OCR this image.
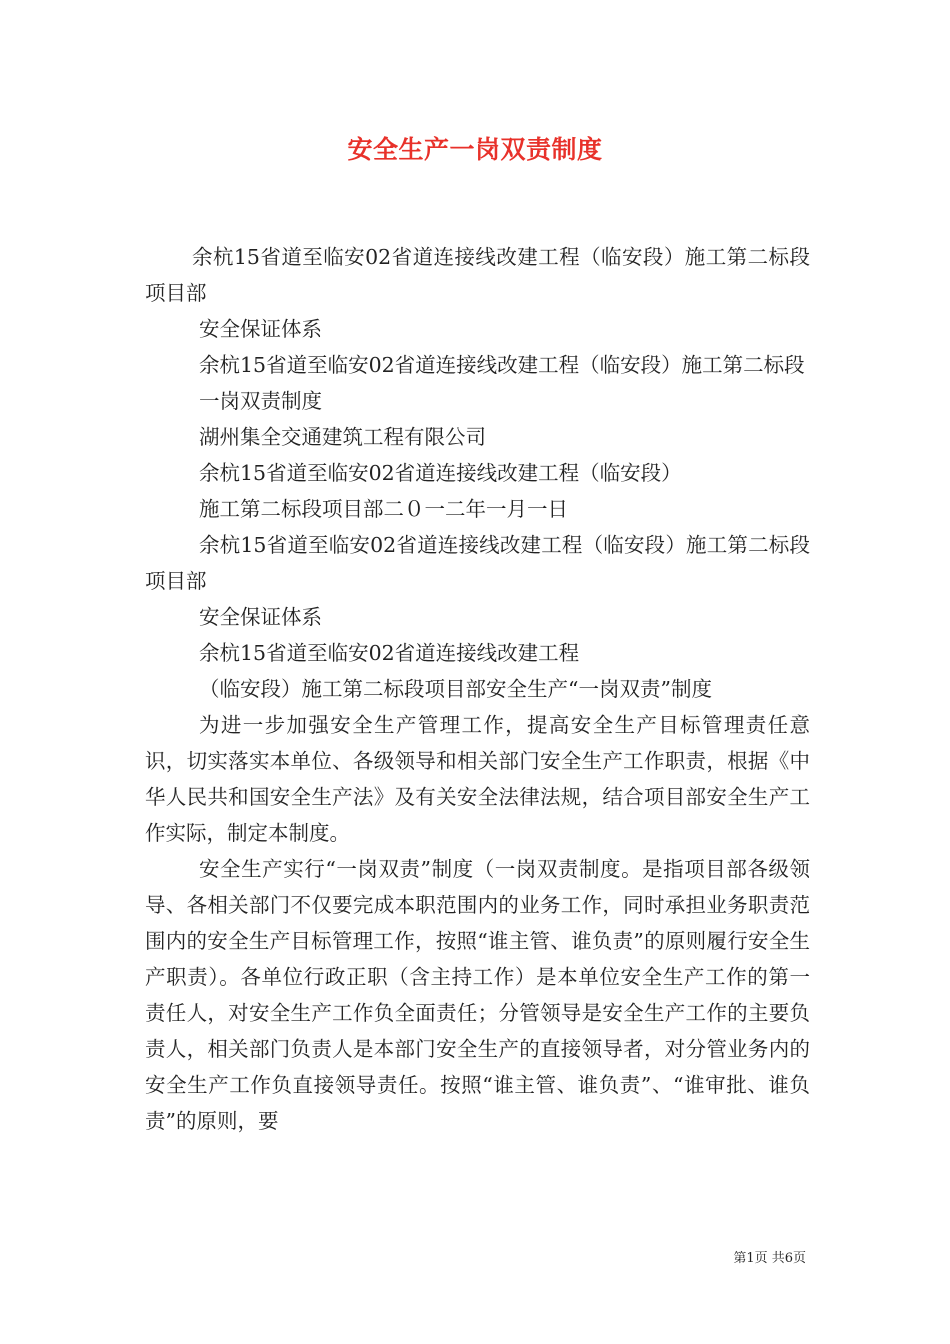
安全生产一岗双责制度

余杭15省道至临安02省道连接线改建工程（临安段）施工第二标段项目部

安全保证体系

余杭15省道至临安02省道连接线改建工程（临安段）施工第二标段

一岗双责制度

湖州集全交通建筑工程有限公司

余杭15省道至临安02省道连接线改建工程（临安段）

施工第二标段项目部二０一二年一月一日

余杭15省道至临安02省道连接线改建工程（临安段）施工第二标段项目部

安全保证体系

余杭15省道至临安02省道连接线改建工程

（临安段）施工第二标段项目部安全生产“一岗双责”制度

为进一步加强安全生产管理工作，提高安全生产目标管理责任意识，切实落实本单位、各级领导和相关部门安全生产工作职责，根据《中华人民共和国安全生产法》及有关安全法律法规，结合项目部安全生产工作实际，制定本制度。

安全生产实行“一岗双责”制度（一岗双责制度。是指项目部各级领导、各相关部门不仅要完成本职范围内的业务工作，同时承担业务职责范围内的安全生产目标管理工作，按照“谁主管、谁负责”的原则履行安全生产职责）。各单位行政正职（含主持工作）是本单位安全生产工作的第一责任人，对安全生产工作负全面责任；分管领导是安全生产工作的主要负责人，相关部门负责人是本部门安全生产的直接领导者，对分管业务内的安全生产工作负直接领导责任。按照“谁主管、谁负责”、“谁审批、谁负责”的原则，要

第1页 共6页
